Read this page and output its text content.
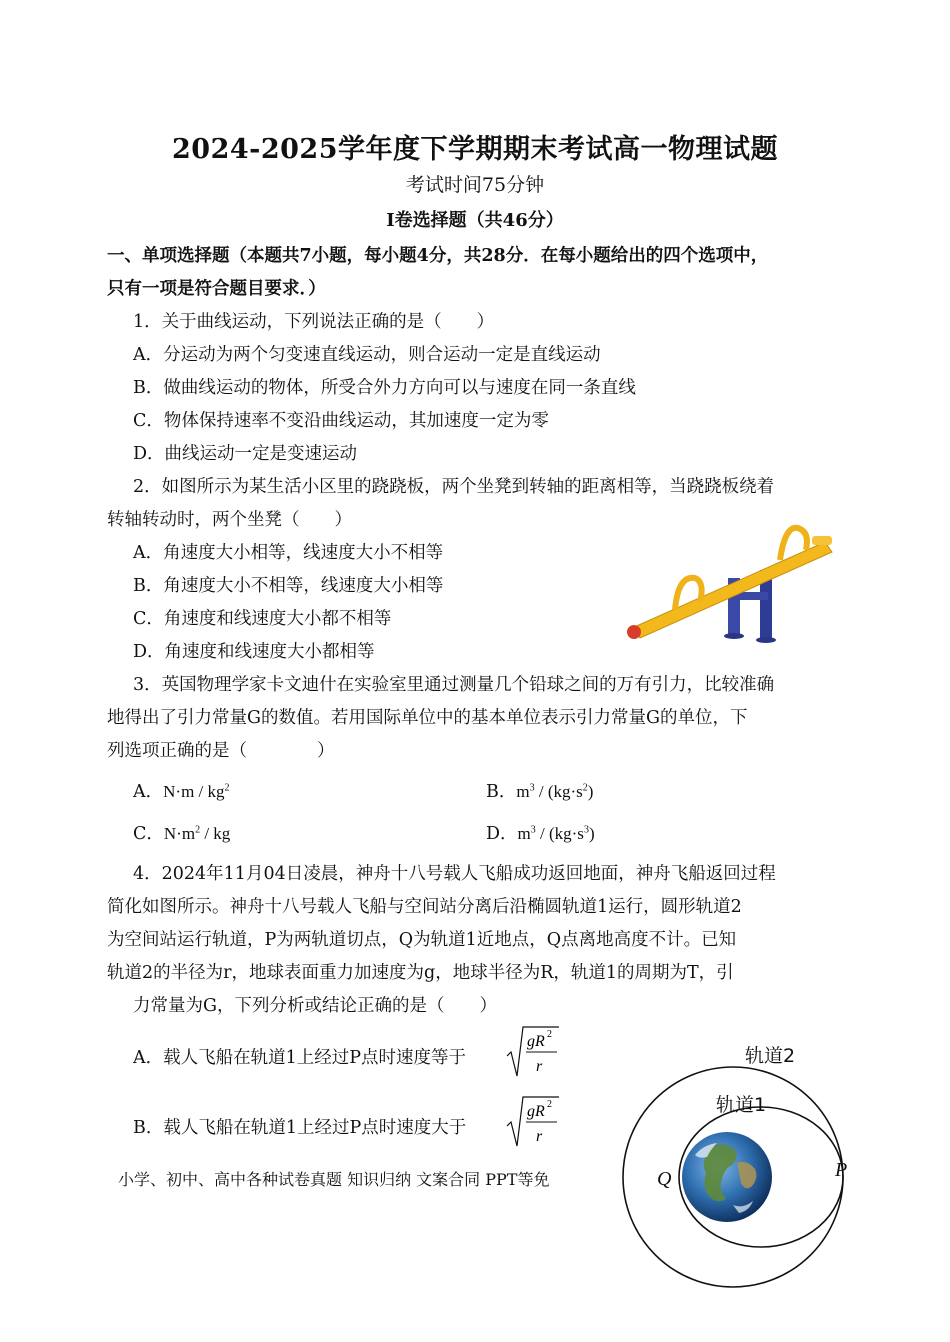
2024-2025学年度下学期期末考试高一物理试题
考试时间75分钟
Ⅰ卷选择题（共46分）
一、单项选择题（本题共7小题，每小题4分，共28分．在每小题给出的四个选项中，
只有一项是符合题目要求．）
1．关于曲线运动，下列说法正确的是（　　）
A．分运动为两个匀变速直线运动，则合运动一定是直线运动
B．做曲线运动的物体，所受合外力方向可以与速度在同一条直线
C．物体保持速率不变沿曲线运动，其加速度一定为零
D．曲线运动一定是变速运动
2．如图所示为某生活小区里的跷跷板，两个坐凳到转轴的距离相等，当跷跷板绕着
转轴转动时，两个坐凳（　　）
A．角速度大小相等，线速度大小不相等
B．角速度大小不相等，线速度大小相等
C．角速度和线速度大小都不相等
D．角速度和线速度大小都相等
3．英国物理学家卡文迪什在实验室里通过测量几个铅球之间的万有引力，比较准确
地得出了引力常量G的数值。若用国际单位中的基本单位表示引力常量G的单位，下
列选项正确的是（　　　　）
A．$N\cdot m / kg^2$	B．$m^3 / (kg\cdot s^2)$
C．$N\cdot m^2$ / kg	D．$m^3 / (kg\cdot s^3)$
4．2024年11月04日凌晨，神舟十八号载人飞船成功返回地面，神舟飞船返回过程
简化如图所示。神舟十八号载人飞船与空间站分离后沿椭圆轨道1运行，圆形轨道2
为空间站运行轨道，P为两轨道切点，Q为轨道1近地点，Q点离地高度不计。已知
轨道2的半径为r，地球表面重力加速度为g，地球半径为R，轨道1的周期为T，引
力常量为G，下列分析或结论正确的是（　　）
A．载人飞船在轨道1上经过P点时速度等于
gR 2
r
B．载人飞船在轨道1上经过P点时速度大于
gR 2
r
轨道2
轨道1
Q	P
小学、初中、高中各种试卷真题 知识归纳 文案合同 PPT等免
